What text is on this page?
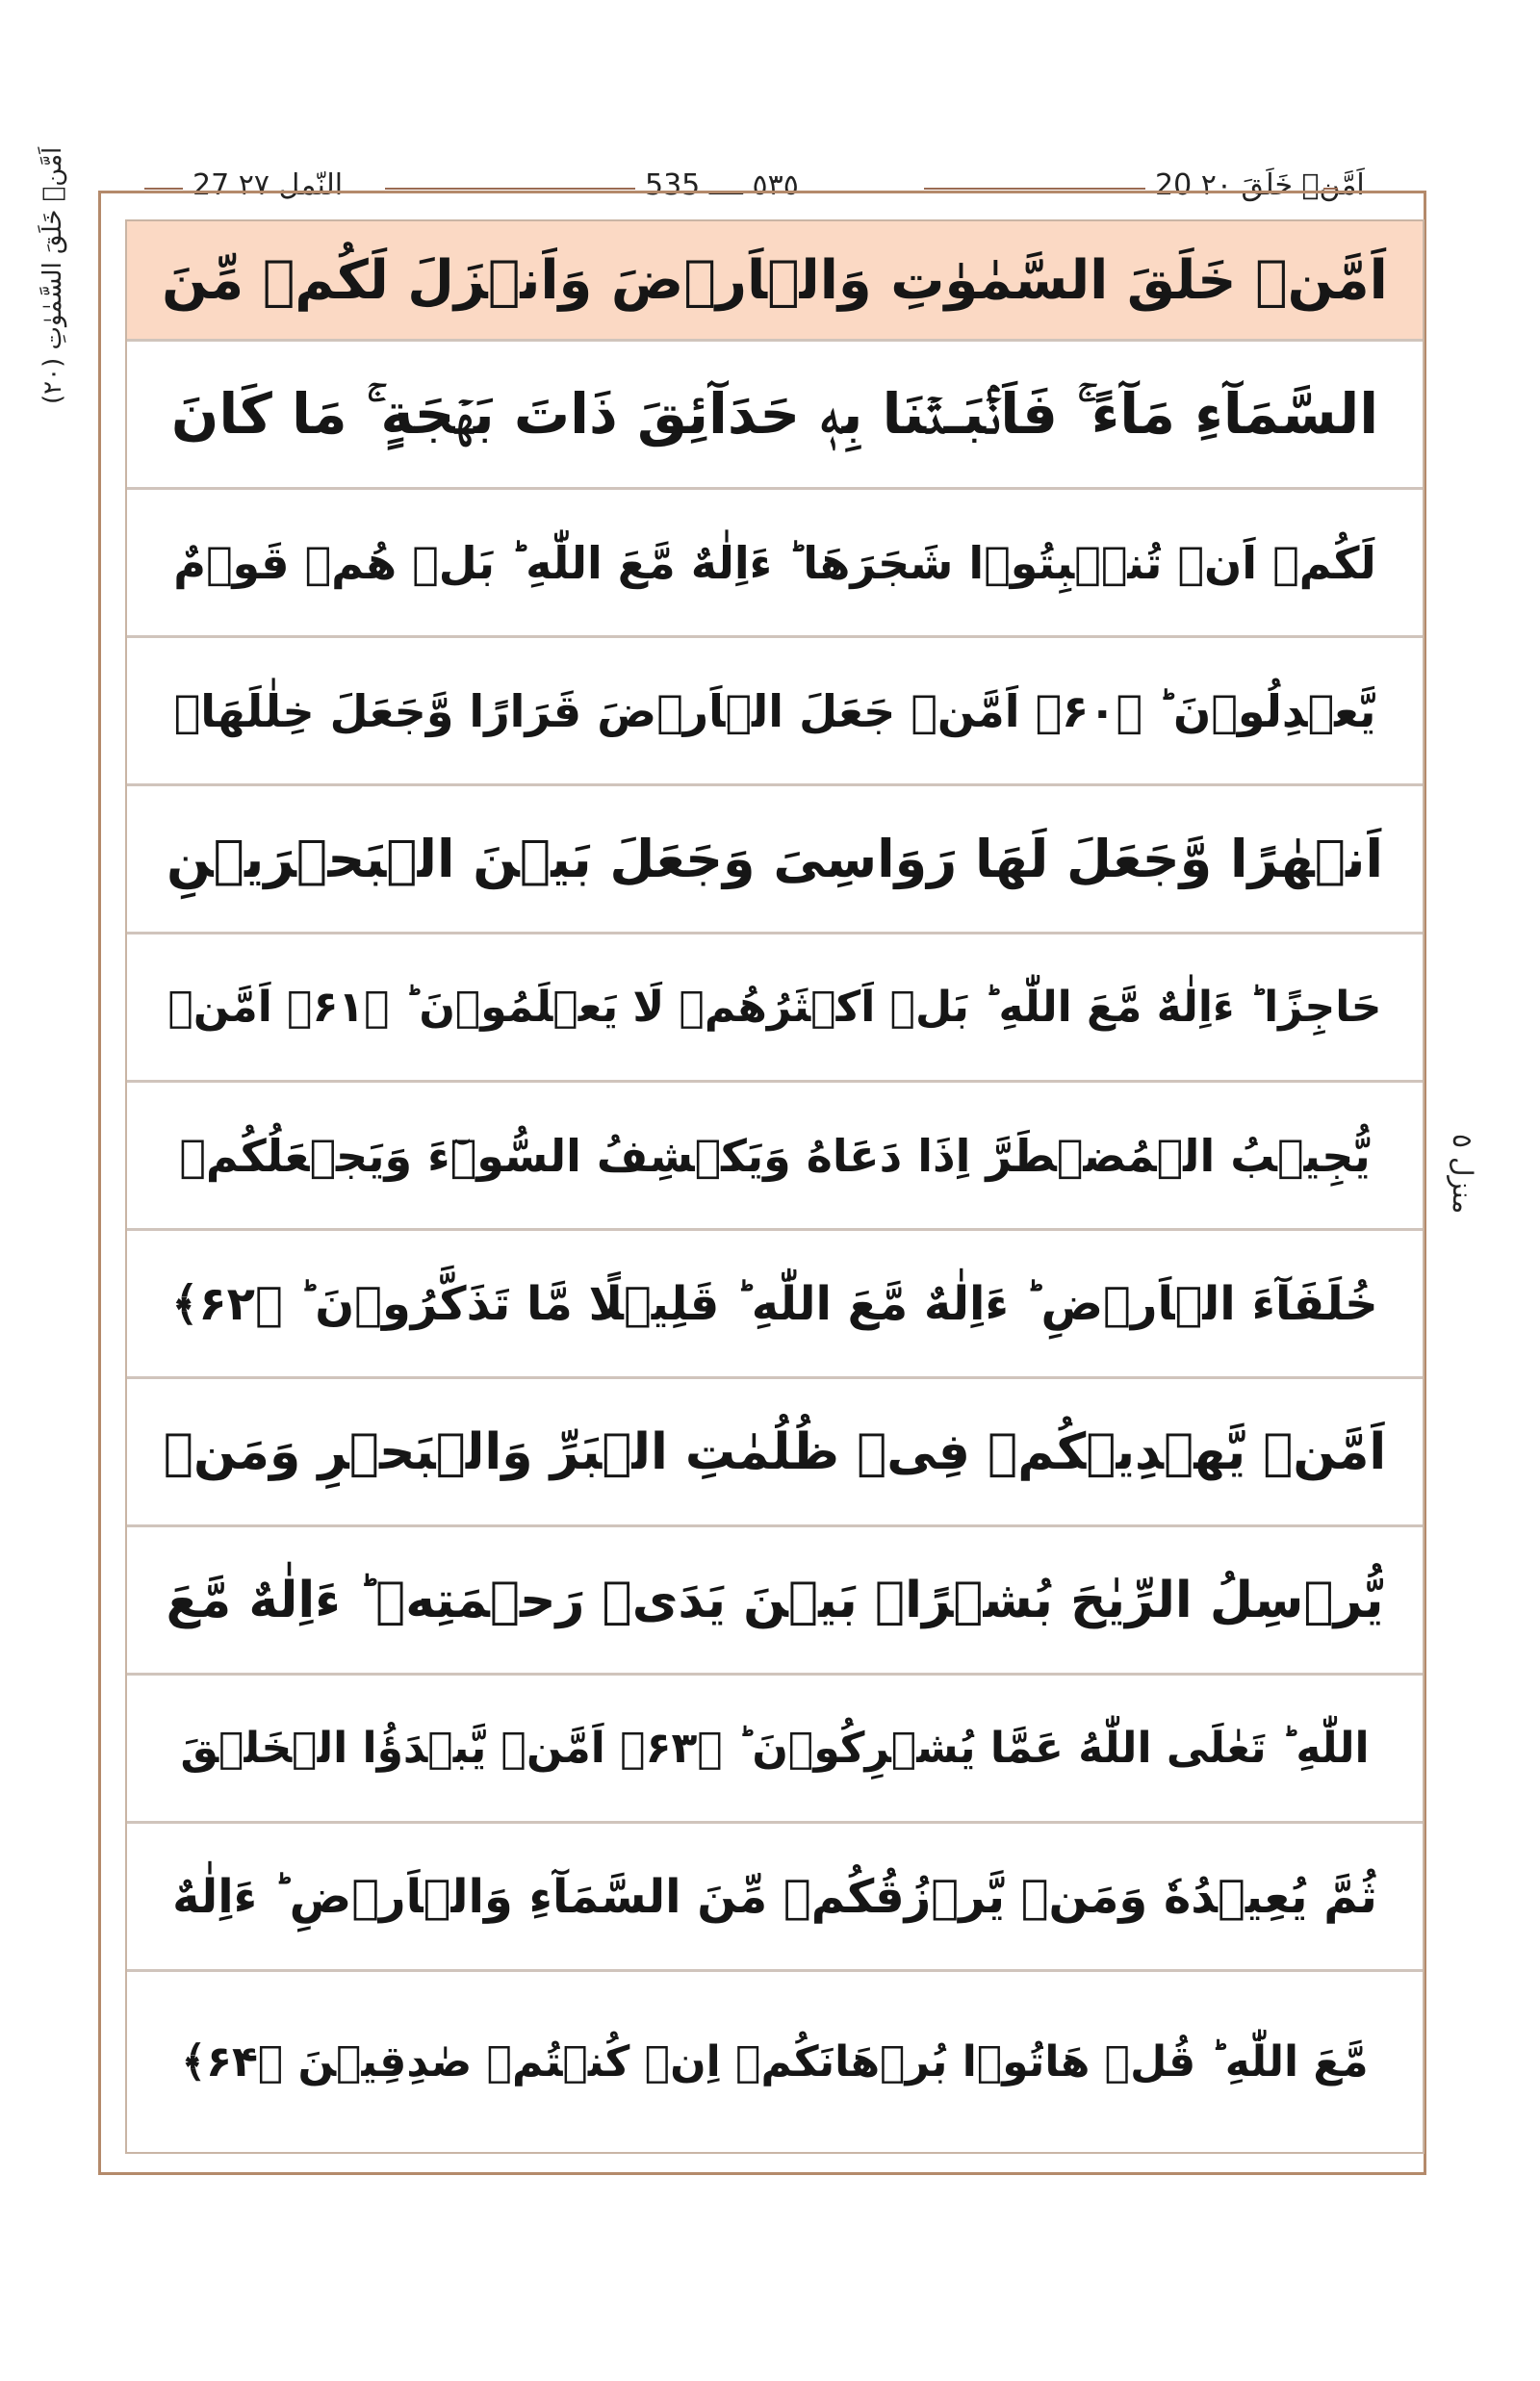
27 النّمل ٢٧	٥٣٥ ــــ 535	20 اَمَّنۡ خَلَقَ ٢٠
(٢٠) اَمَّنۡ خَلَقَ السَّمٰوٰتِ
منزل ٥
اَمَّنۡ خَلَقَ السَّمٰوٰتِ وَالۡاَرۡضَ وَاَنۡزَلَ لَكُمۡ مِّنَ
السَّمَآءِ مَآءً ۚ فَاَنۡۢبَـتۡنَا بِهٖ حَدَآئِقَ ذَاتَ بَهۡجَةٍ ۚ مَا كَانَ
لَكُمۡ اَنۡ تُنۡۢبِتُوۡا شَجَرَهَا ؕ ءَاِلٰهٌ مَّعَ اللّٰهِ ؕ بَلۡ هُمۡ قَوۡمٌ
يَّعۡدِلُوۡنَ ؕ ﴿۶۰﴾ اَمَّنۡ جَعَلَ الۡاَرۡضَ قَرَارًا وَّجَعَلَ خِلٰلَهَاۤ
اَنۡهٰرًا وَّجَعَلَ لَهَا رَوَاسِىَ وَجَعَلَ بَيۡنَ الۡبَحۡرَيۡنِ
حَاجِزًا ؕ ءَاِلٰهٌ مَّعَ اللّٰهِ ؕ بَلۡ اَكۡثَرُهُمۡ لَا يَعۡلَمُوۡنَ ؕ ﴿۶۱﴾ اَمَّنۡ
يُّجِيۡبُ الۡمُضۡطَرَّ اِذَا دَعَاهُ وَيَكۡشِفُ السُّوۡٓءَ وَيَجۡعَلُكُمۡ
خُلَفَآءَ الۡاَرۡضِ ؕ ءَاِلٰهٌ مَّعَ اللّٰهِ ؕ قَلِيۡلًا مَّا تَذَكَّرُوۡنَ ؕ ﴿۶۲﴾
اَمَّنۡ يَّهۡدِيۡكُمۡ فِىۡ ظُلُمٰتِ الۡبَرِّ وَالۡبَحۡرِ وَمَنۡ
يُّرۡسِلُ الرِّيٰحَ بُشۡرًاۢ بَيۡنَ يَدَىۡ رَحۡمَتِهٖ ؕ ءَاِلٰهٌ مَّعَ
اللّٰهِ ؕ تَعٰلَى اللّٰهُ عَمَّا يُشۡرِكُوۡنَ ؕ ﴿۶۳﴾ اَمَّنۡ يَّبۡدَؤُا الۡخَلۡقَ
ثُمَّ يُعِيۡدُهٗ وَمَنۡ يَّرۡزُقُكُمۡ مِّنَ السَّمَآءِ وَالۡاَرۡضِ ؕ ءَاِلٰهٌ
مَّعَ اللّٰهِ ؕ قُلۡ هَاتُوۡا بُرۡهَانَكُمۡ اِنۡ كُنۡتُمۡ صٰدِقِيۡنَ ﴿۶۴﴾
